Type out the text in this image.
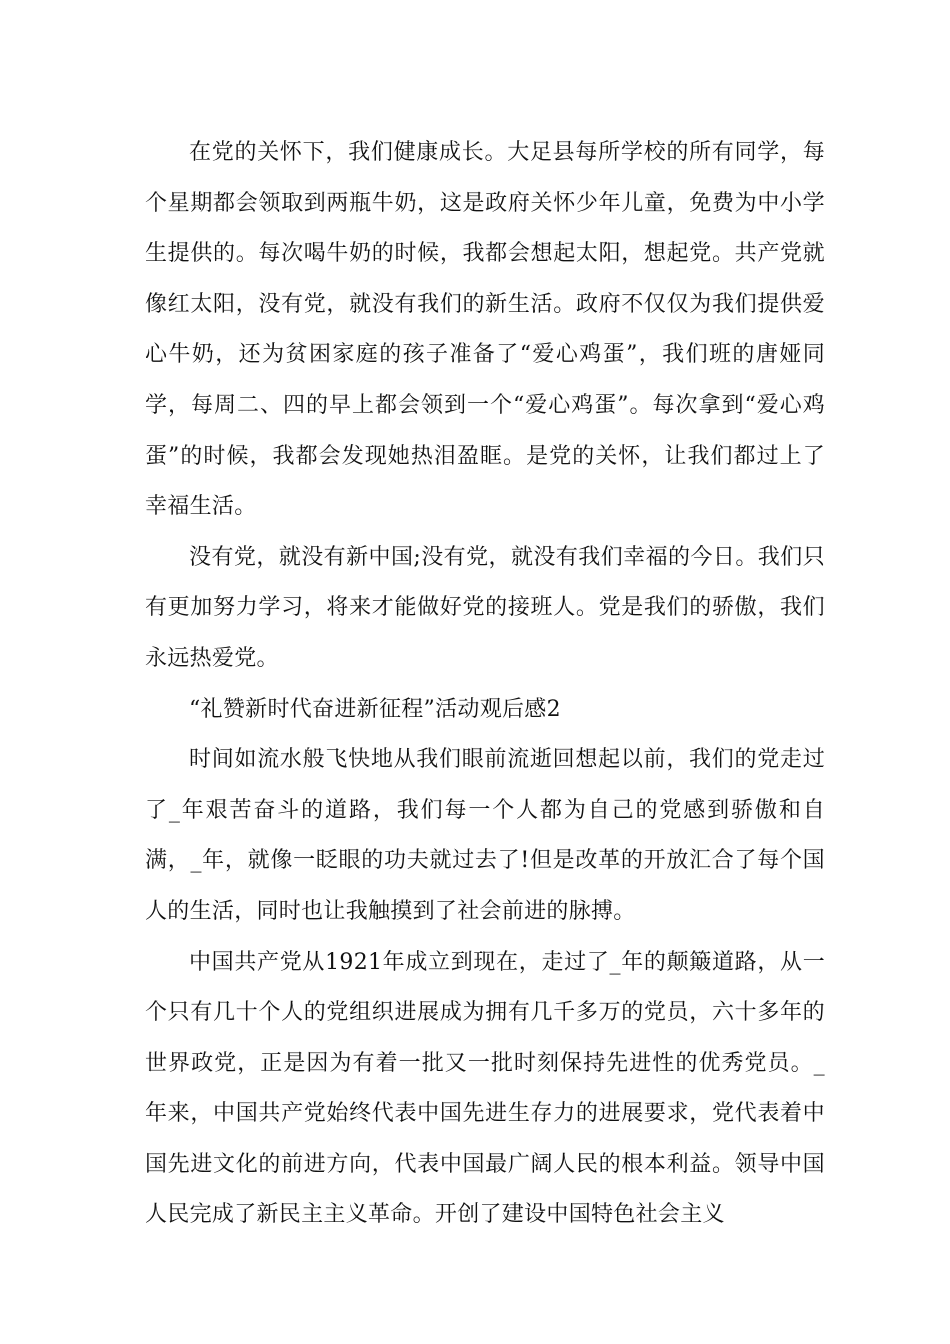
在党的关怀下，我们健康成长。大足县每所学校的所有同学，每个星期都会领取到两瓶牛奶，这是政府关怀少年儿童，免费为中小学生提供的。每次喝牛奶的时候，我都会想起太阳，想起党。共产党就像红太阳，没有党，就没有我们的新生活。政府不仅仅为我们提供爱心牛奶，还为贫困家庭的孩子准备了“爱心鸡蛋”，我们班的唐娅同学，每周二、四的早上都会领到一个“爱心鸡蛋”。每次拿到“爱心鸡蛋”的时候，我都会发现她热泪盈眶。是党的关怀，让我们都过上了幸福生活。

没有党，就没有新中国;没有党，就没有我们幸福的今日。我们只有更加努力学习，将来才能做好党的接班人。党是我们的骄傲，我们永远热爱党。

“礼赞新时代奋进新征程”活动观后感2

时间如流水般飞快地从我们眼前流逝回想起以前，我们的党走过了_年艰苦奋斗的道路，我们每一个人都为自己的党感到骄傲和自满，_年，就像一眨眼的功夫就过去了!但是改革的开放汇合了每个国人的生活，同时也让我触摸到了社会前进的脉搏。

中国共产党从1921年成立到现在，走过了_年的颠簸道路，从一个只有几十个人的党组织进展成为拥有几千多万的党员，六十多年的世界政党，正是因为有着一批又一批时刻保持先进性的优秀党员。_年来，中国共产党始终代表中国先进生存力的进展要求，党代表着中国先进文化的前进方向，代表中国最广阔人民的根本利益。领导中国人民完成了新民主主义革命。开创了建设中国特色社会主义
